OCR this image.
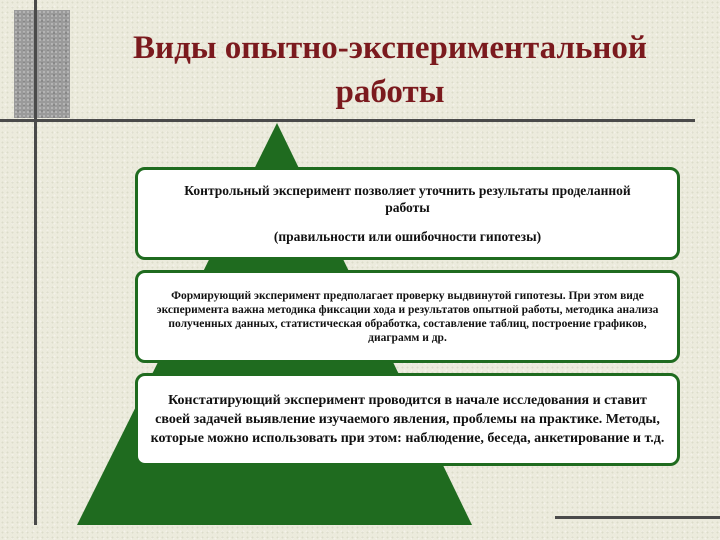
Виды опытно-экспериментальной
работы

Контрольный эксперимент позволяет уточнить результаты проделанной работы

(правильности или ошибочности гипотезы)

Формирующий эксперимент предполагает проверку выдвинутой гипотезы. При этом виде эксперимента важна методика фиксации хода и результатов опытной работы, методика анализа полученных данных, статистическая обработка, составление таблиц, построение графиков, диаграмм и др.

Констатирующий эксперимент проводится в начале исследования и ставит своей задачей выявление изучаемого явления, проблемы на практике. Методы, которые можно использовать при этом: наблюдение, беседа, анкетирование и т.д.
